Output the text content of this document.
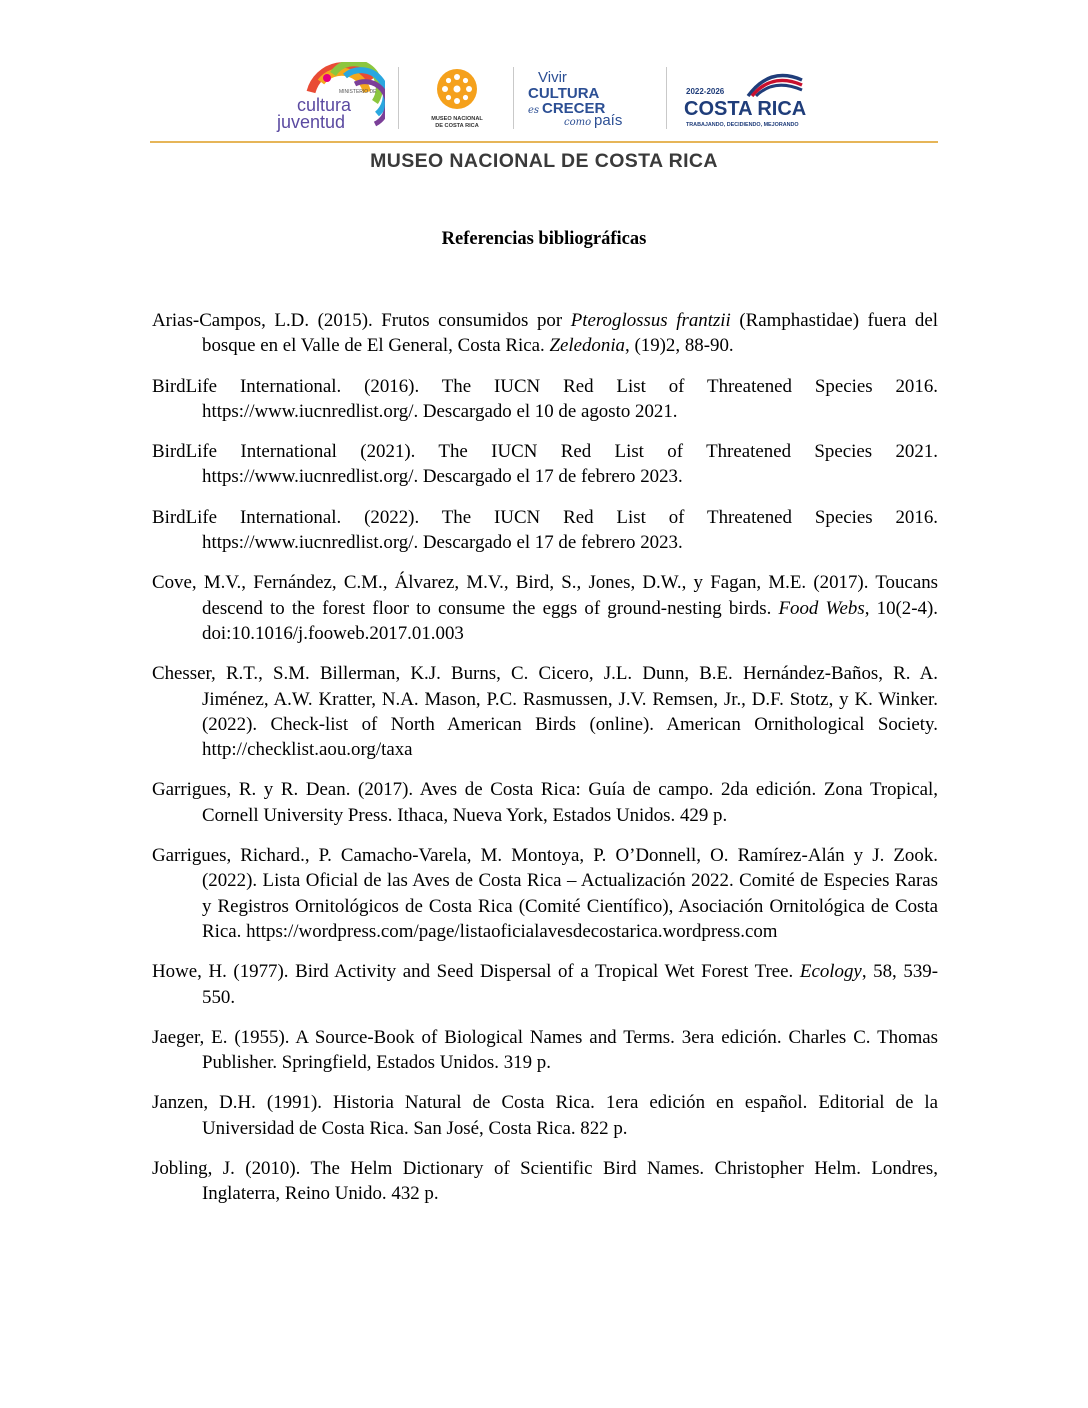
MINISTERIO DE
cultura
juventud	MUSEO NACIONAL
DE COSTA RICA
Vivir
CULTURA
es CRECER
como país
2022-2026
COSTA RICA
TRABAJANDO, DECIDIENDO, MEJORANDO
MUSEO NACIONAL DE COSTA RICA
Referencias bibliográficas

Arias-Campos, L.D. (2015). Frutos consumidos por Pteroglossus frantzii (Ramphastidae) fuera del bosque en el Valle de El General, Costa Rica. Zeledonia, (19)2, 88-90.

BirdLife International. (2016). The IUCN Red List of Threatened Species 2016. https://www.iucnredlist.org/. Descargado el 10 de agosto 2021.

BirdLife International (2021). The IUCN Red List of Threatened Species 2021. https://www.iucnredlist.org/. Descargado el 17 de febrero 2023.

BirdLife International. (2022). The IUCN Red List of Threatened Species 2016. https://www.iucnredlist.org/. Descargado el 17 de febrero 2023.

Cove, M.V., Fernández, C.M., Álvarez, M.V., Bird, S., Jones, D.W., y Fagan, M.E. (2017). Toucans descend to the forest floor to consume the eggs of ground-nesting birds. Food Webs, 10(2-4). doi:10.1016/j.fooweb.2017.01.003

Chesser, R.T., S.M. Billerman, K.J. Burns, C. Cicero, J.L. Dunn, B.E. Hernández-Baños, R. A. Jiménez, A.W. Kratter, N.A. Mason, P.C. Rasmussen, J.V. Remsen, Jr., D.F. Stotz, y K. Winker. (2022). Check-list of North American Birds (online). American Ornithological Society. http://checklist.aou.org/taxa

Garrigues, R. y R. Dean. (2017). Aves de Costa Rica: Guía de campo. 2da edición. Zona Tropical, Cornell University Press. Ithaca, Nueva York, Estados Unidos. 429 p.

Garrigues, Richard., P. Camacho-Varela, M. Montoya, P. O’Donnell, O. Ramírez-Alán y J. Zook. (2022). Lista Oficial de las Aves de Costa Rica – Actualización 2022. Comité de Especies Raras y Registros Ornitológicos de Costa Rica (Comité Científico), Asociación Ornitológica de Costa Rica. https://wordpress.com/page/listaoficialavesdecostarica.wordpress.com

Howe, H. (1977). Bird Activity and Seed Dispersal of a Tropical Wet Forest Tree. Ecology, 58, 539-550.

Jaeger, E. (1955). A Source-Book of Biological Names and Terms. 3era edición. Charles C. Thomas Publisher. Springfield, Estados Unidos. 319 p.

Janzen, D.H. (1991). Historia Natural de Costa Rica. 1era edición en español. Editorial de la Universidad de Costa Rica. San José, Costa Rica. 822 p.

Jobling, J. (2010). The Helm Dictionary of Scientific Bird Names. Christopher Helm. Londres, Inglaterra, Reino Unido. 432 p.
